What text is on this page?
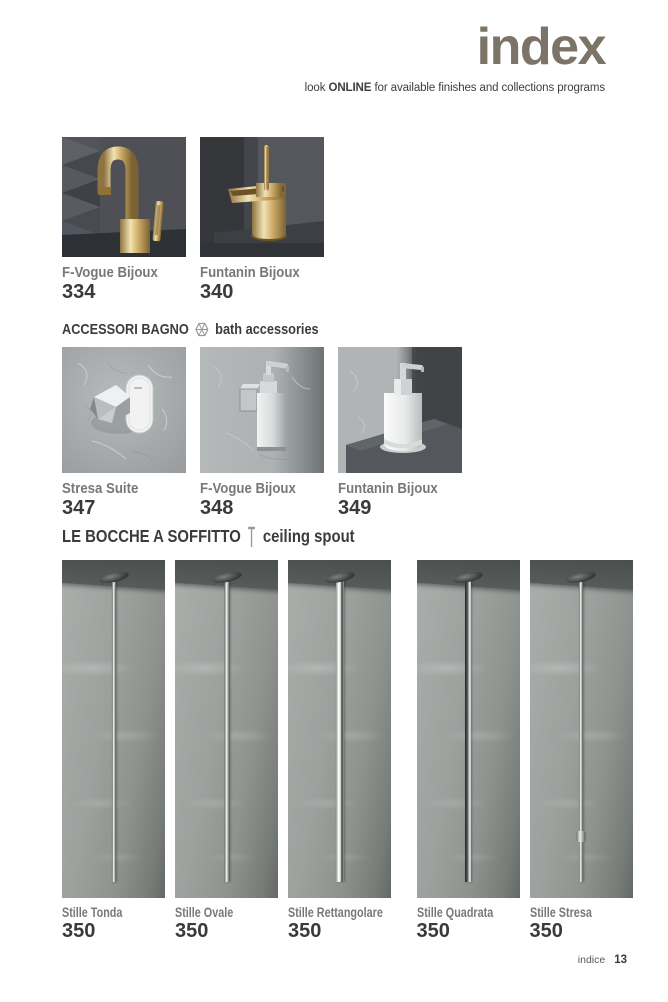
index
look ONLINE for available finishes and collections programs
F-Vogue Bijoux
334
Funtanin Bijoux
340
ACCESSORI BAGNO bath accessories
Stresa Suite
347
F-Vogue Bijoux
348
Funtanin Bijoux
349
LE BOCCHE A SOFFITTO ceiling spout
Stille Tonda
350
Stille Ovale
350
Stille Rettangolare
350
Stille Quadrata
350
Stille Stresa
350
indice 13
